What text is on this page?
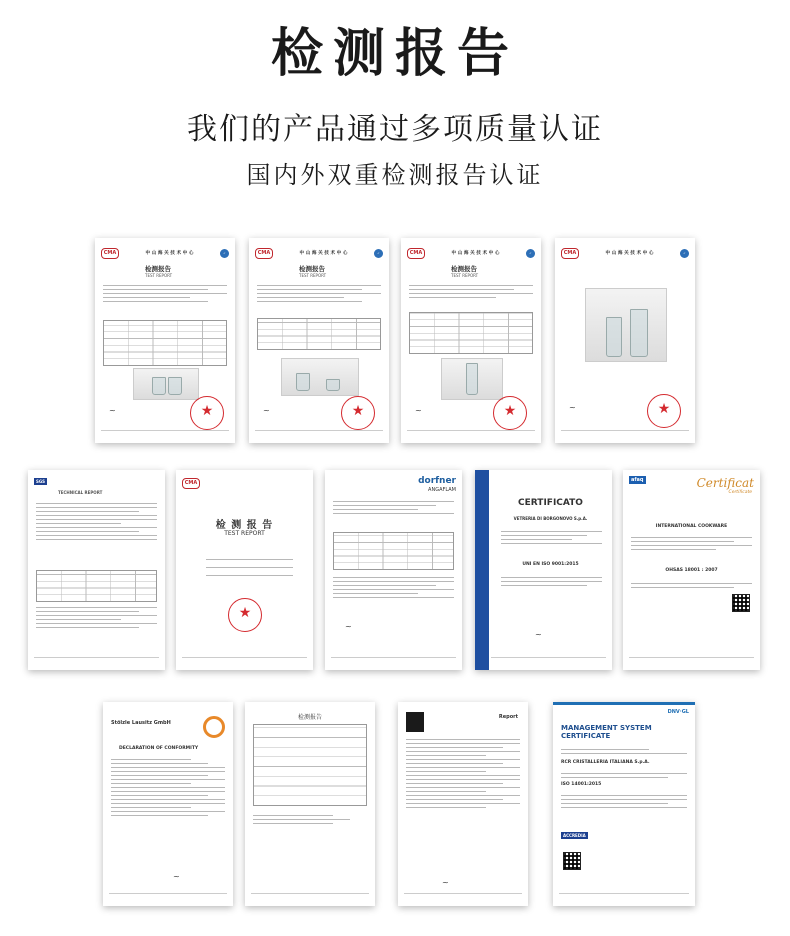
检测报告
我们的产品通过多项质量认证
国内外双重检测报告认证
CMA	中 山 海 关 技 术 中 心	✓
检测报告
TEST REPORT
~	★
CMA	中 山 海 关 技 术 中 心	✓
检测报告
TEST REPORT
~	★
CMA	中 山 海 关 技 术 中 心	✓
检测报告
TEST REPORT
~	★
CMA	中 山 海 关 技 术 中 心	✓
~	★
SGS
TECHNICAL REPORT
CMA
检 测 报 告
TEST REPORT
★
dorfner
ANGAFLAM
~
CERTIFICATO
VETRERIA DI BORGONOVO S.p.A.
UNI EN ISO 9001:2015
~
afaq	Certificat
Certificate
INTERNATIONAL COOKWARE
OHSAS 18001 : 2007
Stölzle Lausitz GmbH
DECLARATION OF CONFORMITY
~
检测报告	Report
~
DNV·GL
MANAGEMENT SYSTEM CERTIFICATE
RCR CRISTALLERIA ITALIANA S.p.A.
ISO 14001:2015
ACCREDIA
